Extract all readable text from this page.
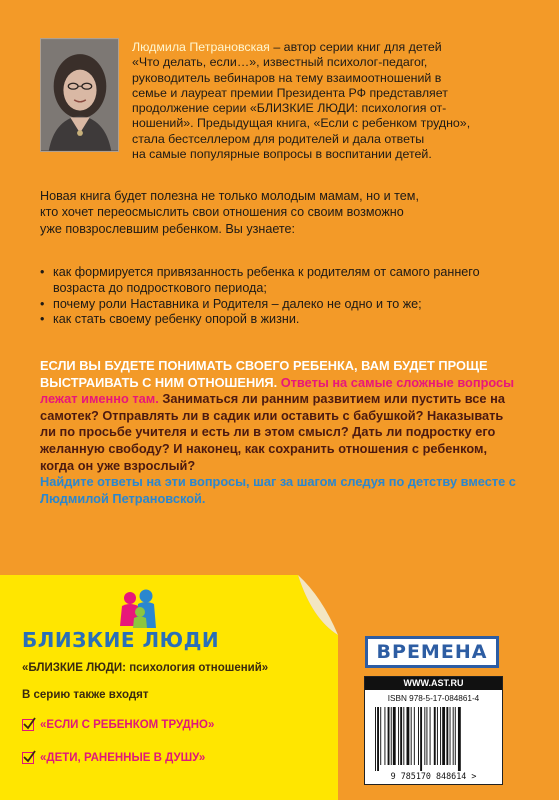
Людмила Петрановская – автор серии книг для детей
«Что делать, если…», известный психолог-педагог,
руководитель вебинаров на тему взаимоотношений в
семье и лауреат премии Президента РФ представляет
продолжение серии «БЛИЗКИЕ ЛЮДИ: психология от-
ношений». Предыдущая книга, «Если с ребенком трудно»,
стала бестселлером для родителей и дала ответы
на самые популярные вопросы в воспитании детей.
Новая книга будет полезна не только молодым мамам, но и тем,
кто хочет переосмыслить свои отношения со своим возможно
уже повзрослевшим ребенком. Вы узнаете:
• как формируется привязанность ребенка к родителям от самого раннего возраста до подросткового периода;
• почему роли Наставника и Родителя – далеко не одно и то же;
• как стать своему ребенку опорой в жизни.

ЕСЛИ ВЫ БУДЕТЕ ПОНИМАТЬ СВОЕГО РЕБЕНКА, ВАМ БУДЕТ ПРОЩЕ ВЫСТРАИВАТЬ С НИМ ОТНОШЕНИЯ. Ответы на самые сложные вопросы лежат именно там. Заниматься ли ранним развитием или пустить все на самотек? Отправлять ли в садик или оставить с бабушкой? Наказывать ли по просьбе учителя и есть ли в этом смысл? Дать ли подростку его желанную свободу? И наконец, как сохранить отношения с ребенком, когда он уже взрослый?

Найдите ответы на эти вопросы, шаг за шагом следуя по детству вместе с Людмилой Петрановской.

БЛИЗКИЕ ЛЮДИ
«БЛИЗКИЕ ЛЮДИ: психология отношений»
В серию также входят
«ЕСЛИ С РЕБЕНКОМ ТРУДНО»
«ДЕТИ, РАНЕННЫЕ В ДУШУ»
ВРЕМЕНА
WWW.AST.RU
ISBN 978-5-17-084861-4
9 785170 848614 >
